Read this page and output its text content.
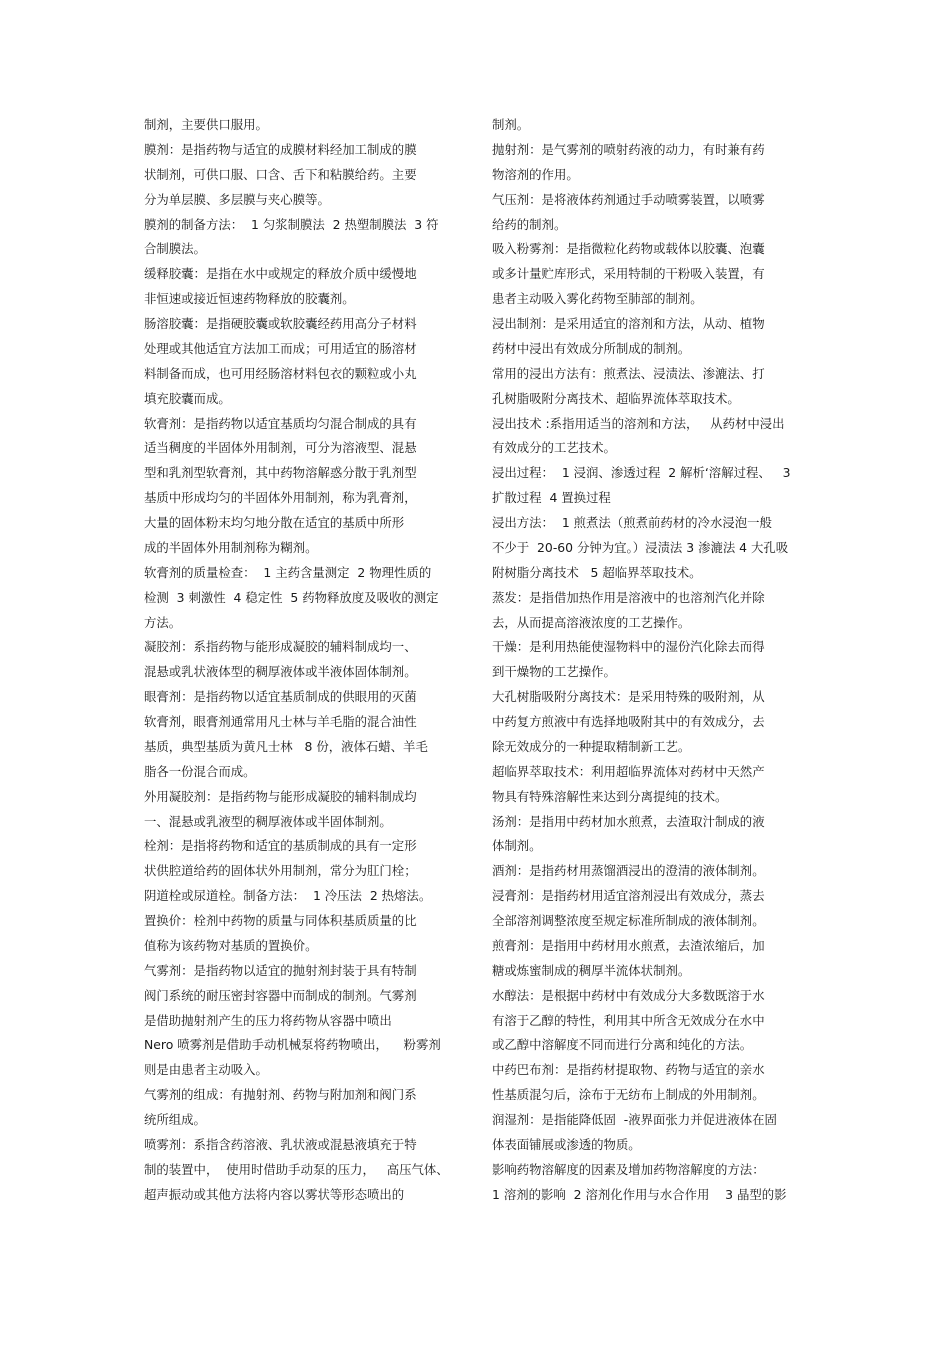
制剂，主要供口服用。
膜剂：是指药物与适宜的成膜材料经加工制成的膜
状制剂，可供口服、口含、舌下和粘膜给药。主要
分为单层膜、多层膜与夹心膜等。
膜剂的制备方法：  1 匀浆制膜法  2 热塑制膜法  3 符
合制膜法。
缓释胶囊：是指在水中或规定的释放介质中缓慢地
非恒速或接近恒速药物释放的胶囊剂。
肠溶胶囊：是指硬胶囊或软胶囊经药用高分子材料
处理或其他适宜方法加工而成；可用适宜的肠溶材
料制备而成，也可用经肠溶材料包衣的颗粒或小丸
填充胶囊而成。
软膏剂：是指药物以适宜基质均匀混合制成的具有
适当稠度的半固体外用制剂，可分为溶液型、混悬
型和乳剂型软膏剂，其中药物溶解惑分散于乳剂型
基质中形成均匀的半固体外用制剂，称为乳膏剂，
大量的固体粉末均匀地分散在适宜的基质中所形
成的半固体外用制剂称为糊剂。
软膏剂的质量检查：  1 主药含量测定  2 物理性质的
检测  3 刺激性  4 稳定性  5 药物释放度及吸收的测定
方法。
凝胶剂：系指药物与能形成凝胶的辅料制成均一、
混悬或乳状液体型的稠厚液体或半液体固体制剂。
眼膏剂：是指药物以适宜基质制成的供眼用的灭菌
软膏剂，眼膏剂通常用凡士林与羊毛脂的混合油性
基质，典型基质为黄凡士林   8 份，液体石蜡、羊毛
脂各一份混合而成。
外用凝胶剂：是指药物与能形成凝胶的辅料制成均
一、混悬或乳液型的稠厚液体或半固体制剂。
栓剂：是指将药物和适宜的基质制成的具有一定形
状供腔道给药的固体状外用制剂，常分为肛门栓；
阴道栓或尿道栓。制备方法：  1 冷压法  2 热熔法。
置换价：栓剂中药物的质量与同体积基质质量的比
值称为该药物对基质的置换价。
气雾剂：是指药物以适宜的抛射剂封装于具有特制
阀门系统的耐压密封容器中而制成的制剂。气雾剂
是借助抛射剂产生的压力将药物从容器中喷出
Nero 喷雾剂是借助手动机械泵将药物喷出，    粉雾剂
则是由患者主动吸入。
气雾剂的组成：有抛射剂、药物与附加剂和阀门系
统所组成。
喷雾剂：系指含药溶液、乳状液或混悬液填充于特
制的装置中，  使用时借助手动泵的压力，   高压气体、
超声振动或其他方法将内容以雾状等形态喷出的
制剂。
抛射剂：是气雾剂的喷射药液的动力，有时兼有药
物溶剂的作用。
气压剂：是将液体药剂通过手动喷雾装置，以喷雾
给药的制剂。
吸入粉雾剂：是指微粒化药物或载体以胶囊、泡囊
或多计量贮库形式，采用特制的干粉吸入装置，有
患者主动吸入雾化药物至肺部的制剂。
浸出制剂：是采用适宜的溶剂和方法，从动、植物
药材中浸出有效成分所制成的制剂。
常用的浸出方法有：煎煮法、浸渍法、渗漉法、打
孔树脂吸附分离技术、超临界流体萃取技术。
浸出技术 :系指用适当的溶剂和方法，   从药材中浸出
有效成分的工艺技术。
浸出过程：  1 浸润、渗透过程  2 解析‘溶解过程、   3
扩散过程  4 置换过程
浸出方法：  1 煎煮法（煎煮前药材的冷水浸泡一般
不少于  20-60 分钟为宜。）浸渍法 3 渗漉法 4 大孔吸
附树脂分离技术   5 超临界萃取技术。
蒸发：是指借加热作用是溶液中的也溶剂汽化并除
去，从而提高溶液浓度的工艺操作。
干燥：是利用热能使湿物料中的湿份汽化除去而得
到干燥物的工艺操作。
大孔树脂吸附分离技术：是采用特殊的吸附剂，从
中药复方煎液中有选择地吸附其中的有效成分，去
除无效成分的一种提取精制新工艺。
超临界萃取技术：利用超临界流体对药材中天然产
物具有特殊溶解性来达到分离提纯的技术。
汤剂：是指用中药材加水煎煮，去渣取汁制成的液
体制剂。
酒剂：是指药材用蒸馏酒浸出的澄清的液体制剂。
浸膏剂：是指药材用适宜溶剂浸出有效成分，蒸去
全部溶剂调整浓度至规定标准所制成的液体制剂。
煎膏剂：是指用中药材用水煎煮，去渣浓缩后，加
糖或炼蜜制成的稠厚半流体状制剂。
水醇法：是根据中药材中有效成分大多数既溶于水
有溶于乙醇的特性，利用其中所含无效成分在水中
或乙醇中溶解度不同而进行分离和纯化的方法。
中药巴布剂：是指药材提取物、药物与适宜的亲水
性基质混匀后，涂布于无纺布上制成的外用制剂。
润湿剂：是指能降低固  -液界面张力并促进液体在固
体表面铺展或渗透的物质。
影响药物溶解度的因素及增加药物溶解度的方法：
1 溶剂的影响  2 溶剂化作用与水合作用    3 晶型的影
